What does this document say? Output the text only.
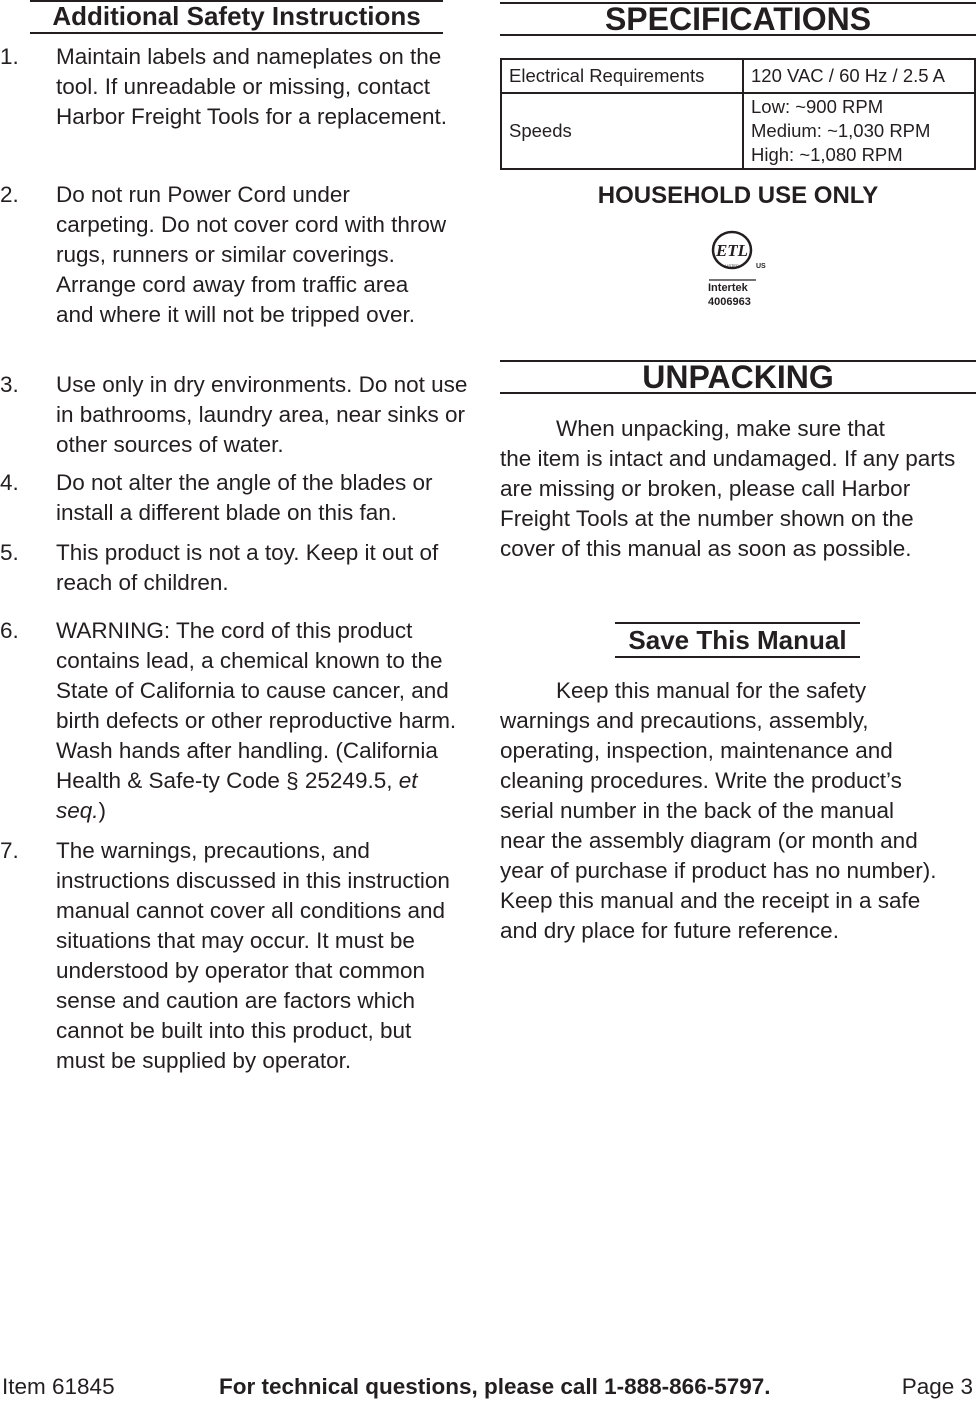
Additional Safety Instructions
1.	Maintain labels and nameplates on the tool. If unreadable or missing, contact Harbor Freight Tools for a replacement.
2.	Do not run Power Cord under carpeting. Do not cover cord with throw rugs, runners or similar coverings. Arrange cord away from traffic area and where it will not be tripped over.
3.	Use only in dry environments. Do not use in bathrooms, laundry area, near sinks or other sources of water.
4.	Do not alter the angle of the blades or install a different blade on this fan.
5.	This product is not a toy. Keep it out of reach of children.
6.	WARNING: The cord of this product contains lead, a chemical known to the State of California to cause cancer, and birth defects or other reproductive harm. Wash hands after handling. (California Health & Safe-ty Code § 25249.5, et seq.)
7.	The warnings, precautions, and instructions discussed in this instruction manual cannot cover all conditions and situations that may occur. It must be understood by operator that common sense and caution are factors which cannot be built into this product, but must be supplied by operator.
SPECIFICATIONS
Electrical Requirements	120 VAC / 60 Hz / 2.5 A
Speeds	Low: ~900 RPM
Medium: ~1,030 RPM
High: ~1,080 RPM
HOUSEHOLD USE ONLY
ETL
LISTED US
Intertek
4006963
UNPACKING
When unpacking, make sure that
the item is intact and undamaged. If any parts are missing or broken, please call Harbor Freight Tools at the number shown on the cover of this manual as soon as possible.
Save This Manual
Keep this manual for the safety
warnings and precautions, assembly, operating, inspection, maintenance and cleaning procedures. Write the product’s serial number in the back of the manual near the assembly diagram (or month and year of purchase if product has no number). Keep this manual and the receipt in a safe and dry place for future reference.
Item 61845	For technical questions, please call 1-888-866-5797.	Page 3
